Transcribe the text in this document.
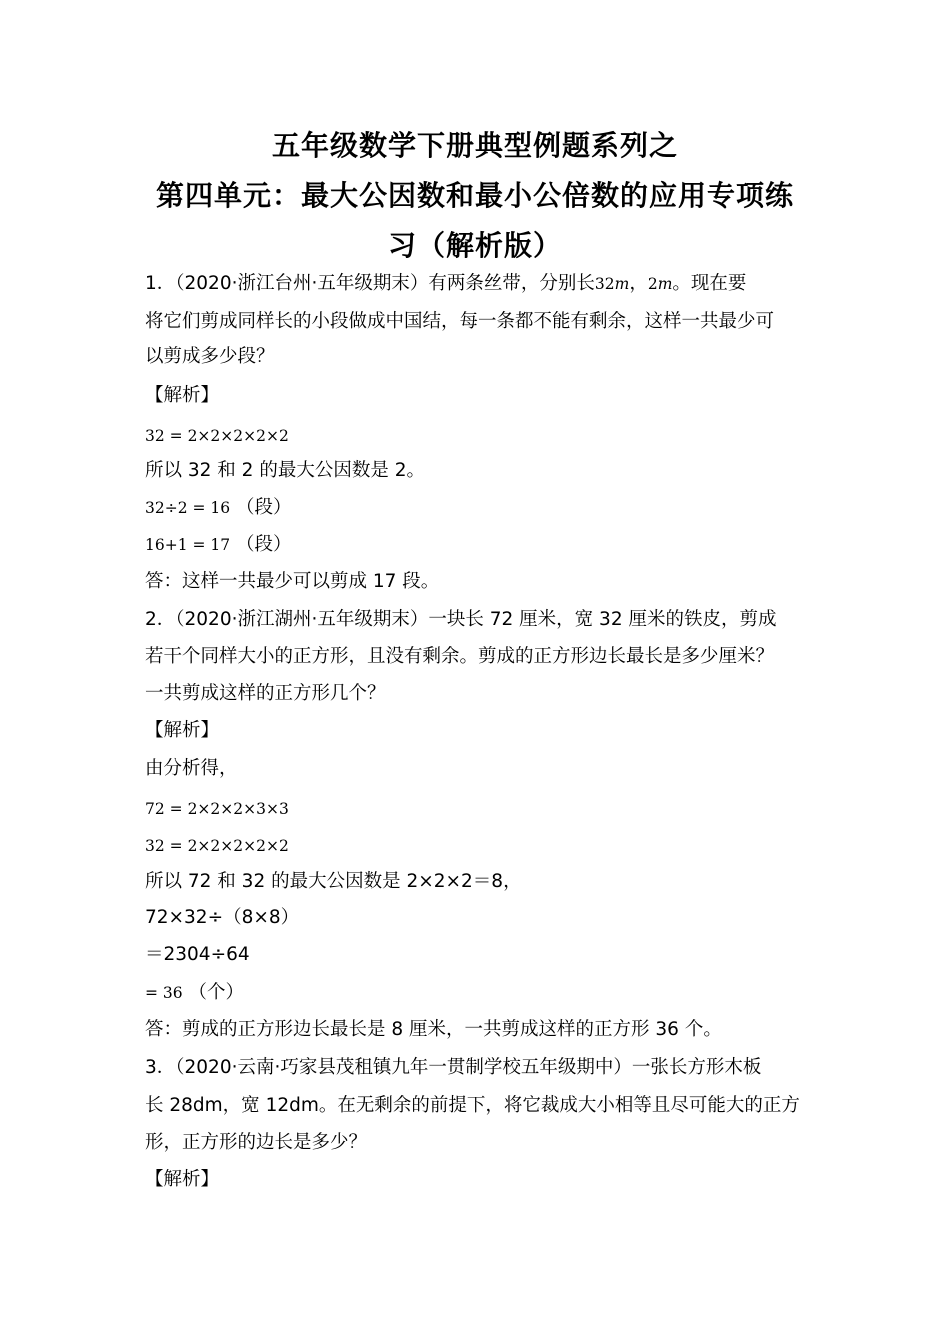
五年级数学下册典型例题系列之
第四单元：最大公因数和最小公倍数的应用专项练
习（解析版）
1．（2020·浙江台州·五年级期末）有两条丝带，分别长32m，2m。现在要
将它们剪成同样长的小段做成中国结，每一条都不能有剩余，这样一共最少可
以剪成多少段？
【解析】
32 = 2×2×2×2×2
所以 32 和 2 的最大公因数是 2。
32÷2 = 16 （段）
16+1 = 17 （段）
答：这样一共最少可以剪成 17 段。
2．（2020·浙江湖州·五年级期末）一块长 72 厘米，宽 32 厘米的铁皮，剪成
若干个同样大小的正方形，且没有剩余。剪成的正方形边长最长是多少厘米？
一共剪成这样的正方形几个？
【解析】
由分析得，
72 = 2×2×2×3×3
32 = 2×2×2×2×2
所以 72 和 32 的最大公因数是 2×2×2＝8，
72×32÷（8×8）
＝2304÷64
= 36 （个）
答：剪成的正方形边长最长是 8 厘米，一共剪成这样的正方形 36 个。
3．（2020·云南·巧家县茂租镇九年一贯制学校五年级期中）一张长方形木板
长 28dm，宽 12dm。在无剩余的前提下，将它裁成大小相等且尽可能大的正方
形，正方形的边长是多少？
【解析】
